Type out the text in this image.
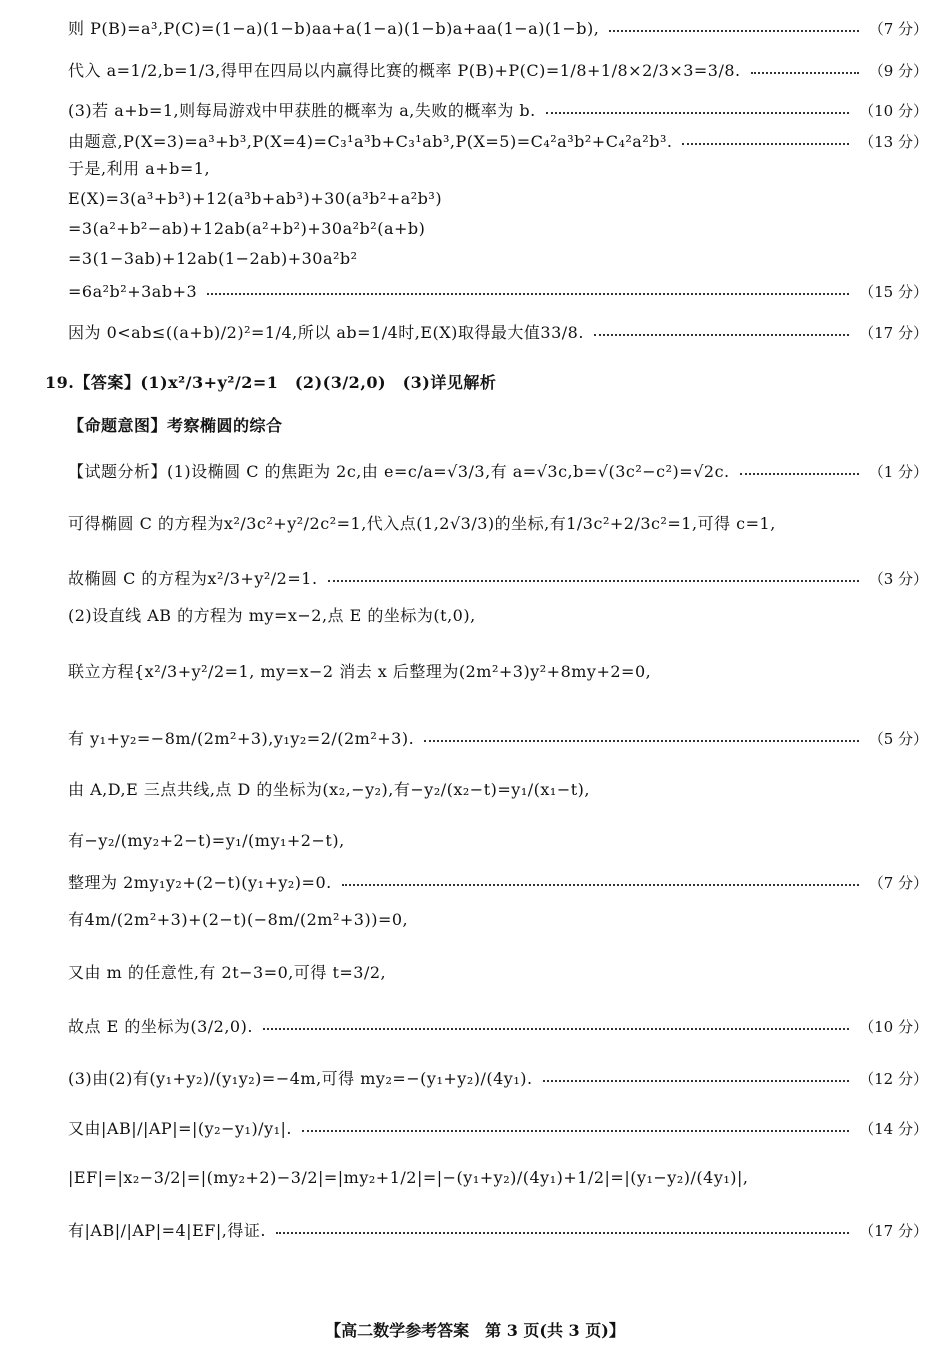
则 P(B)=a³,P(C)=(1−a)(1−b)aa+a(1−a)(1−b)a+aa(1−a)(1−b),	（7 分）
代入 a=1/2,b=1/3,得甲在四局以内赢得比赛的概率 P(B)+P(C)=1/8+1/8×2/3×3=3/8.	（9 分）
(3)若 a+b=1,则每局游戏中甲获胜的概率为 a,失败的概率为 b.	（10 分）
由题意,P(X=3)=a³+b³,P(X=4)=C₃¹a³b+C₃¹ab³,P(X=5)=C₄²a³b²+C₄²a²b³.	（13 分）
于是,利用 a+b=1,
E(X)=3(a³+b³)+12(a³b+ab³)+30(a³b²+a²b³)
=3(a²+b²−ab)+12ab(a²+b²)+30a²b²(a+b)
=3(1−3ab)+12ab(1−2ab)+30a²b²
=6a²b²+3ab+3	（15 分）
因为 0<ab≤((a+b)/2)²=1/4,所以 ab=1/4时,E(X)取得最大值33/8.	（17 分）
19.【答案】(1)x²/3+y²/2=1　(2)(3/2,0)　(3)详见解析
【命题意图】考察椭圆的综合
【试题分析】(1)设椭圆 C 的焦距为 2c,由 e=c/a=√3/3,有 a=√3c,b=√(3c²−c²)=√2c.	（1 分）
可得椭圆 C 的方程为x²/3c²+y²/2c²=1,代入点(1,2√3/3)的坐标,有1/3c²+2/3c²=1,可得 c=1,
故椭圆 C 的方程为x²/3+y²/2=1.	（3 分）
(2)设直线 AB 的方程为 my=x−2,点 E 的坐标为(t,0),
联立方程{x²/3+y²/2=1, my=x−2 消去 x 后整理为(2m²+3)y²+8my+2=0,
有 y₁+y₂=−8m/(2m²+3),y₁y₂=2/(2m²+3).	（5 分）
由 A,D,E 三点共线,点 D 的坐标为(x₂,−y₂),有−y₂/(x₂−t)=y₁/(x₁−t),
有−y₂/(my₂+2−t)=y₁/(my₁+2−t),
整理为 2my₁y₂+(2−t)(y₁+y₂)=0.	（7 分）
有4m/(2m²+3)+(2−t)(−8m/(2m²+3))=0,
又由 m 的任意性,有 2t−3=0,可得 t=3/2,
故点 E 的坐标为(3/2,0).	（10 分）
(3)由(2)有(y₁+y₂)/(y₁y₂)=−4m,可得 my₂=−(y₁+y₂)/(4y₁).	（12 分）
又由|AB|/|AP|=|(y₂−y₁)/y₁|.	（14 分）
|EF|=|x₂−3/2|=|(my₂+2)−3/2|=|my₂+1/2|=|−(y₁+y₂)/(4y₁)+1/2|=|(y₁−y₂)/(4y₁)|,
有|AB|/|AP|=4|EF|,得证.	（17 分）
【高二数学参考答案　第 3 页(共 3 页)】
